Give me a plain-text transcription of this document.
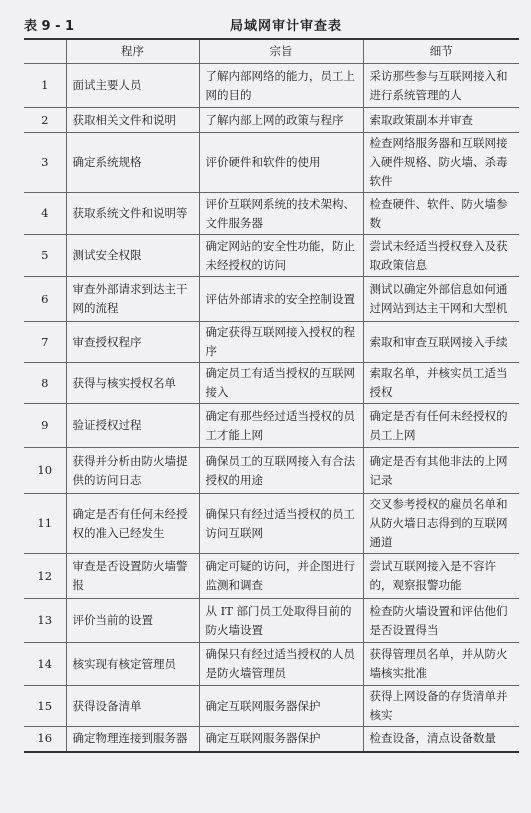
表 9 - 1	局域网审计审查表
	程序	宗旨	细节
1	面试主要人员	了解内部网络的能力，员工上网的目的	采访那些参与互联网接入和进行系统管理的人
2	获取相关文件和说明	了解内部上网的政策与程序	索取政策副本并审查
3	确定系统规格	评价硬件和软件的使用	检查网络服务器和互联网接入硬件规格、防火墙、杀毒软件
4	获取系统文件和说明等	评价互联网系统的技术架构、文件服务器	检查硬件、软件、防火墙参数
5	测试安全权限	确定网站的安全性功能，防止未经授权的访问	尝试未经适当授权登入及获取政策信息
6	审查外部请求到达主干网的流程	评估外部请求的安全控制设置	测试以确定外部信息如何通过网站到达主干网和大型机
7	审查授权程序	确定获得互联网接入授权的程序	索取和审查互联网接入手续
8	获得与核实授权名单	确定员工有适当授权的互联网接入	索取名单，并核实员工适当授权
9	验证授权过程	确定有那些经过适当授权的员工才能上网	确定是否有任何未经授权的员工上网
10	获得并分析由防火墙提供的访问日志	确保员工的互联网接入有合法授权的用途	确定是否有其他非法的上网记录
11	确定是否有任何未经授权的准入已经发生	确保只有经过适当授权的员工访问互联网	交叉参考授权的雇员名单和从防火墙日志得到的互联网通道
12	审查是否设置防火墙警报	确定可疑的访问，并企图进行监测和调查	尝试互联网接入是不容许的，观察报警功能
13	评价当前的设置	从 IT 部门员工处取得目前的防火墙设置	检查防火墙设置和评估他们是否设置得当
14	核实现有核定管理员	确保只有经过适当授权的人员是防火墙管理员	获得管理员名单，并从防火墙核实批准
15	获得设备清单	确定互联网服务器保护	获得上网设备的存货清单并核实
16	确定物理连接到服务器	确定互联网服务器保护	检查设备，清点设备数量
